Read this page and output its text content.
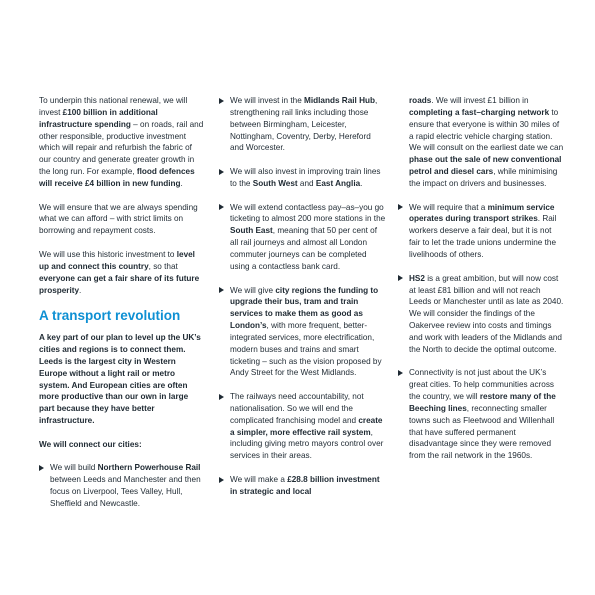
To underpin this national renewal, we will invest £100 billion in additional infrastructure spending – on roads, rail and other responsible, productive investment which will repair and refurbish the fabric of our country and generate greater growth in the long run. For example, flood defences will receive £4 billion in new funding.

We will ensure that we are always spending what we can afford – with strict limits on borrowing and repayment costs.

We will use this historic investment to level up and connect this country, so that everyone can get a fair share of its future prosperity.

A transport revolution

A key part of our plan to level up the UK’s cities and regions is to connect them. Leeds is the largest city in Western Europe without a light rail or metro system. And European cities are often more productive than our own in large part because they have better infrastructure.

We will connect our cities:

We will build Northern Powerhouse Rail between Leeds and Manchester and then focus on Liverpool, Tees Valley, Hull, Sheffield and Newcastle.
We will invest in the Midlands Rail Hub, strengthening rail links including those between Birmingham, Leicester, Nottingham, Coventry, Derby, Hereford and Worcester.
We will also invest in improving train lines to the South West and East Anglia.
We will extend contactless pay–as–you go ticketing to almost 200 more stations in the South East, meaning that 50 per cent of all rail journeys and almost all London commuter journeys can be completed using a contactless bank card.
We will give city regions the funding to upgrade their bus, tram and train services to make them as good as London’s, with more frequent, better-integrated services, more electrification, modern buses and trains and smart ticketing – such as the vision proposed by Andy Street for the West Midlands.
The railways need accountability, not nationalisation. So we will end the complicated franchising model and create a simpler, more effective rail system, including giving metro mayors control over services in their areas.
We will make a £28.8 billion investment in strategic and local
roads. We will invest £1 billion in completing a fast–charging network to ensure that everyone is within 30 miles of a rapid electric vehicle charging station. We will consult on the earliest date we can phase out the sale of new conventional petrol and diesel cars, while minimising the impact on drivers and businesses.
We will require that a minimum service operates during transport strikes. Rail workers deserve a fair deal, but it is not fair to let the trade unions undermine the livelihoods of others.
HS2 is a great ambition, but will now cost at least £81 billion and will not reach Leeds or Manchester until as late as 2040. We will consider the findings of the Oakervee review into costs and timings and work with leaders of the Midlands and the North to decide the optimal outcome.
Connectivity is not just about the UK’s great cities. To help communities across the country, we will restore many of the Beeching lines, reconnecting smaller towns such as Fleetwood and Willenhall that have suffered permanent disadvantage since they were removed from the rail network in the 1960s.
